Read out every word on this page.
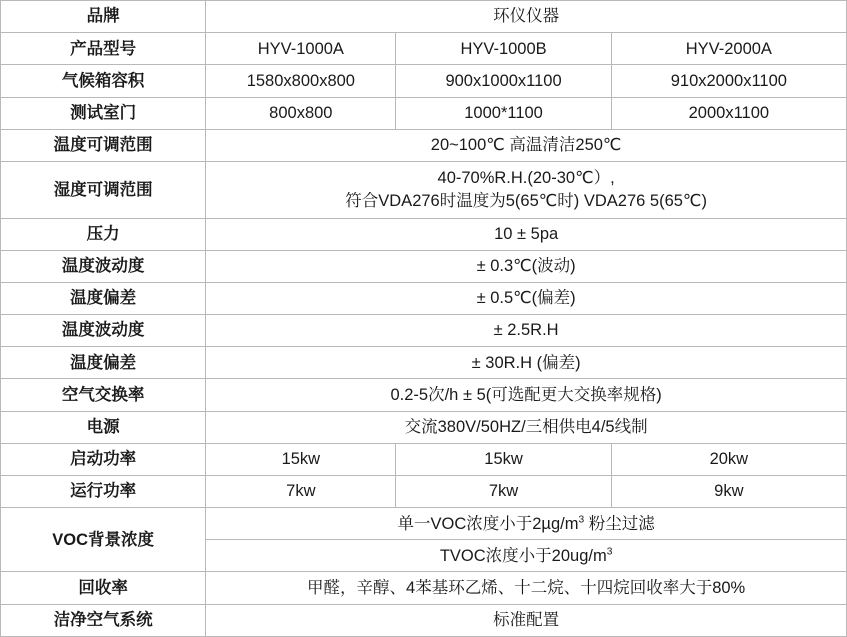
品牌	环仪仪器		
产品型号	HYV-1000A	HYV-1000B	HYV-2000A
气候箱容积	1580x800x800	900x1000x1100	910x2000x1100
测试室门	800x800	1000*1100	2000x1100
温度可调范围	20~100℃ 高温清洁250℃		
湿度可调范围	40-70%R.H.(20-30℃）,
符合VDA276时温度为5(65℃时) VDA276 5(65℃)		

压力	10 ± 5pa		
温度波动度	± 0.3℃(波动)		
温度偏差	± 0.5℃(偏差)		
温度波动度	± 2.5R.H		
温度偏差	± 30R.H (偏差)		
空气交换率	0.2-5次/h ± 5(可选配更大交换率规格)		
电源	交流380V/50HZ/三相供电4/5线制		
启动功率	15kw	15kw	20kw
运行功率	7kw	7kw	9kw
VOC背景浓度	单一VOC浓度小于$2\mu g/m^3$ 粉尘过滤		
	TVOC浓度小于$20ug/m^3$
回收率	甲醛，辛醇、4苯基环乙烯、十二烷、十四烷回收率大于80%		
洁净空气系统	标准配置		
